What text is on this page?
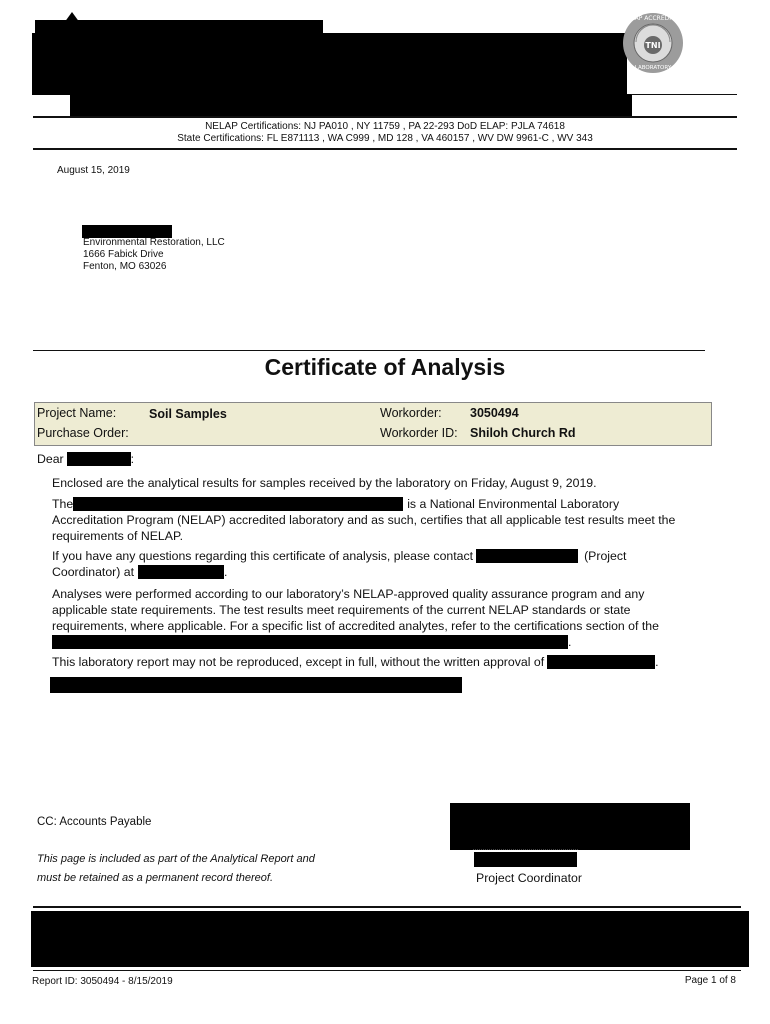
NELAP ACCREDITED
TNI
LABORATORY
NELAP Certifications: NJ PA010 , NY 11759 , PA 22-293 DoD ELAP: PJLA 74618
State Certifications: FL E871113 , WA C999 , MD 128 , VA 460157 , WV DW 9961-C , WV 343
August 15, 2019
Environmental Restoration, LLC
1666 Fabick Drive
Fenton, MO 63026
Certificate of Analysis
Project Name:	Soil Samples
Purchase Order:
Workorder: 3050494
Workorder ID: Shiloh Church Rd
Dear	:
Enclosed are the analytical results for samples received by the laboratory on Friday, August 9, 2019.
The	is a National Environmental Laboratory
Accreditation Program (NELAP) accredited laboratory and as such, certifies that all applicable test results meet the
requirements of NELAP.
If you have any questions regarding this certificate of analysis, please contact	(Project
Coordinator) at	.
Analyses were performed according to our laboratory’s NELAP-approved quality assurance program and any
applicable state requirements. The test results meet requirements of the current NELAP standards or state
requirements, where applicable. For a specific list of accredited analytes, refer to the certifications section of the
.
This laboratory report may not be reproduced, except in full, without the written approval of	.
CC: Accounts Payable
Project Coordinator
This page is included as part of the Analytical Report and
must be retained as a permanent record thereof.
Report ID: 3050494 - 8/15/2019	Page 1 of 8
